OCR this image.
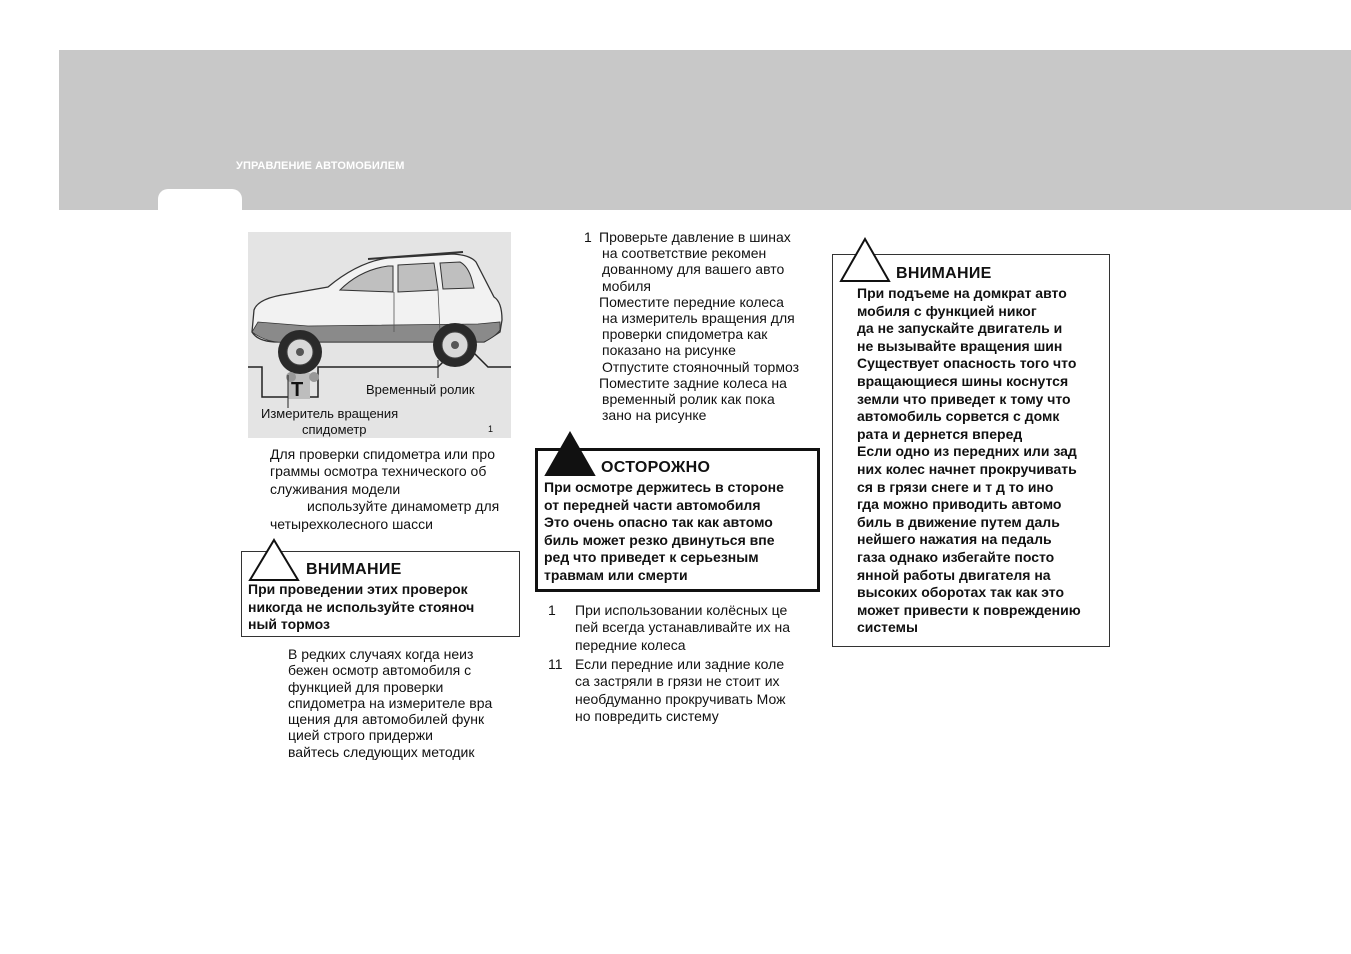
УПРАВЛЕНИЕ АВТОМОБИЛЕМ
T	Временный ролик
Измеритель вращения
спидометр	1
Для проверки спидометра или про
граммы осмотра технического об
служивания модели
используйте динамометр для
четырехколесного шасси
ВНИМАНИЕ
При проведении этих проверок
никогда не используйте стояноч
ный тормоз
В редких случаях когда неиз
бежен осмотр автомобиля с
функцией для проверки
спидометра на измерителе вра
щения для автомобилей функ
цией строго придержи
вайтесь следующих методик
1 Проверьте давление в шинах
на соответствие рекомен
дованному для вашего авто
мобиля
Поместите передние колеса
на измеритель вращения для
проверки спидометра как
показано на рисунке
Отпустите стояночный тормоз
Поместите задние колеса на
временный ролик как пока
зано на рисунке
ОСТОРОЖНО
При осмотре держитесь в стороне
от передней части автомобиля
Это очень опасно так как автомо
биль может резко двинуться впе
ред что приведет к серьезным
травмам или смерти
1 При использовании колёсных це
пей всегда устанавливайте их на
передние колеса
11 Если передние или задние коле
са застряли в грязи не стоит их
необдуманно прокручивать Мож
но повредить систему
ВНИМАНИЕ
При подъеме на домкрат авто
мобиля с функцией никог
да не запускайте двигатель и
не вызывайте вращения шин
Существует опасность того что
вращающиеся шины коснутся
земли что приведет к тому что
автомобиль сорвется с домк
рата и дернется вперед
Если одно из передних или зад
них колес начнет прокручивать
ся в грязи снеге и т д то ино
гда можно приводить автомо
биль в движение путем даль
нейшего нажатия на педаль
газа однако избегайте посто
янной работы двигателя на
высоких оборотах так как это
может привести к повреждению
системы
